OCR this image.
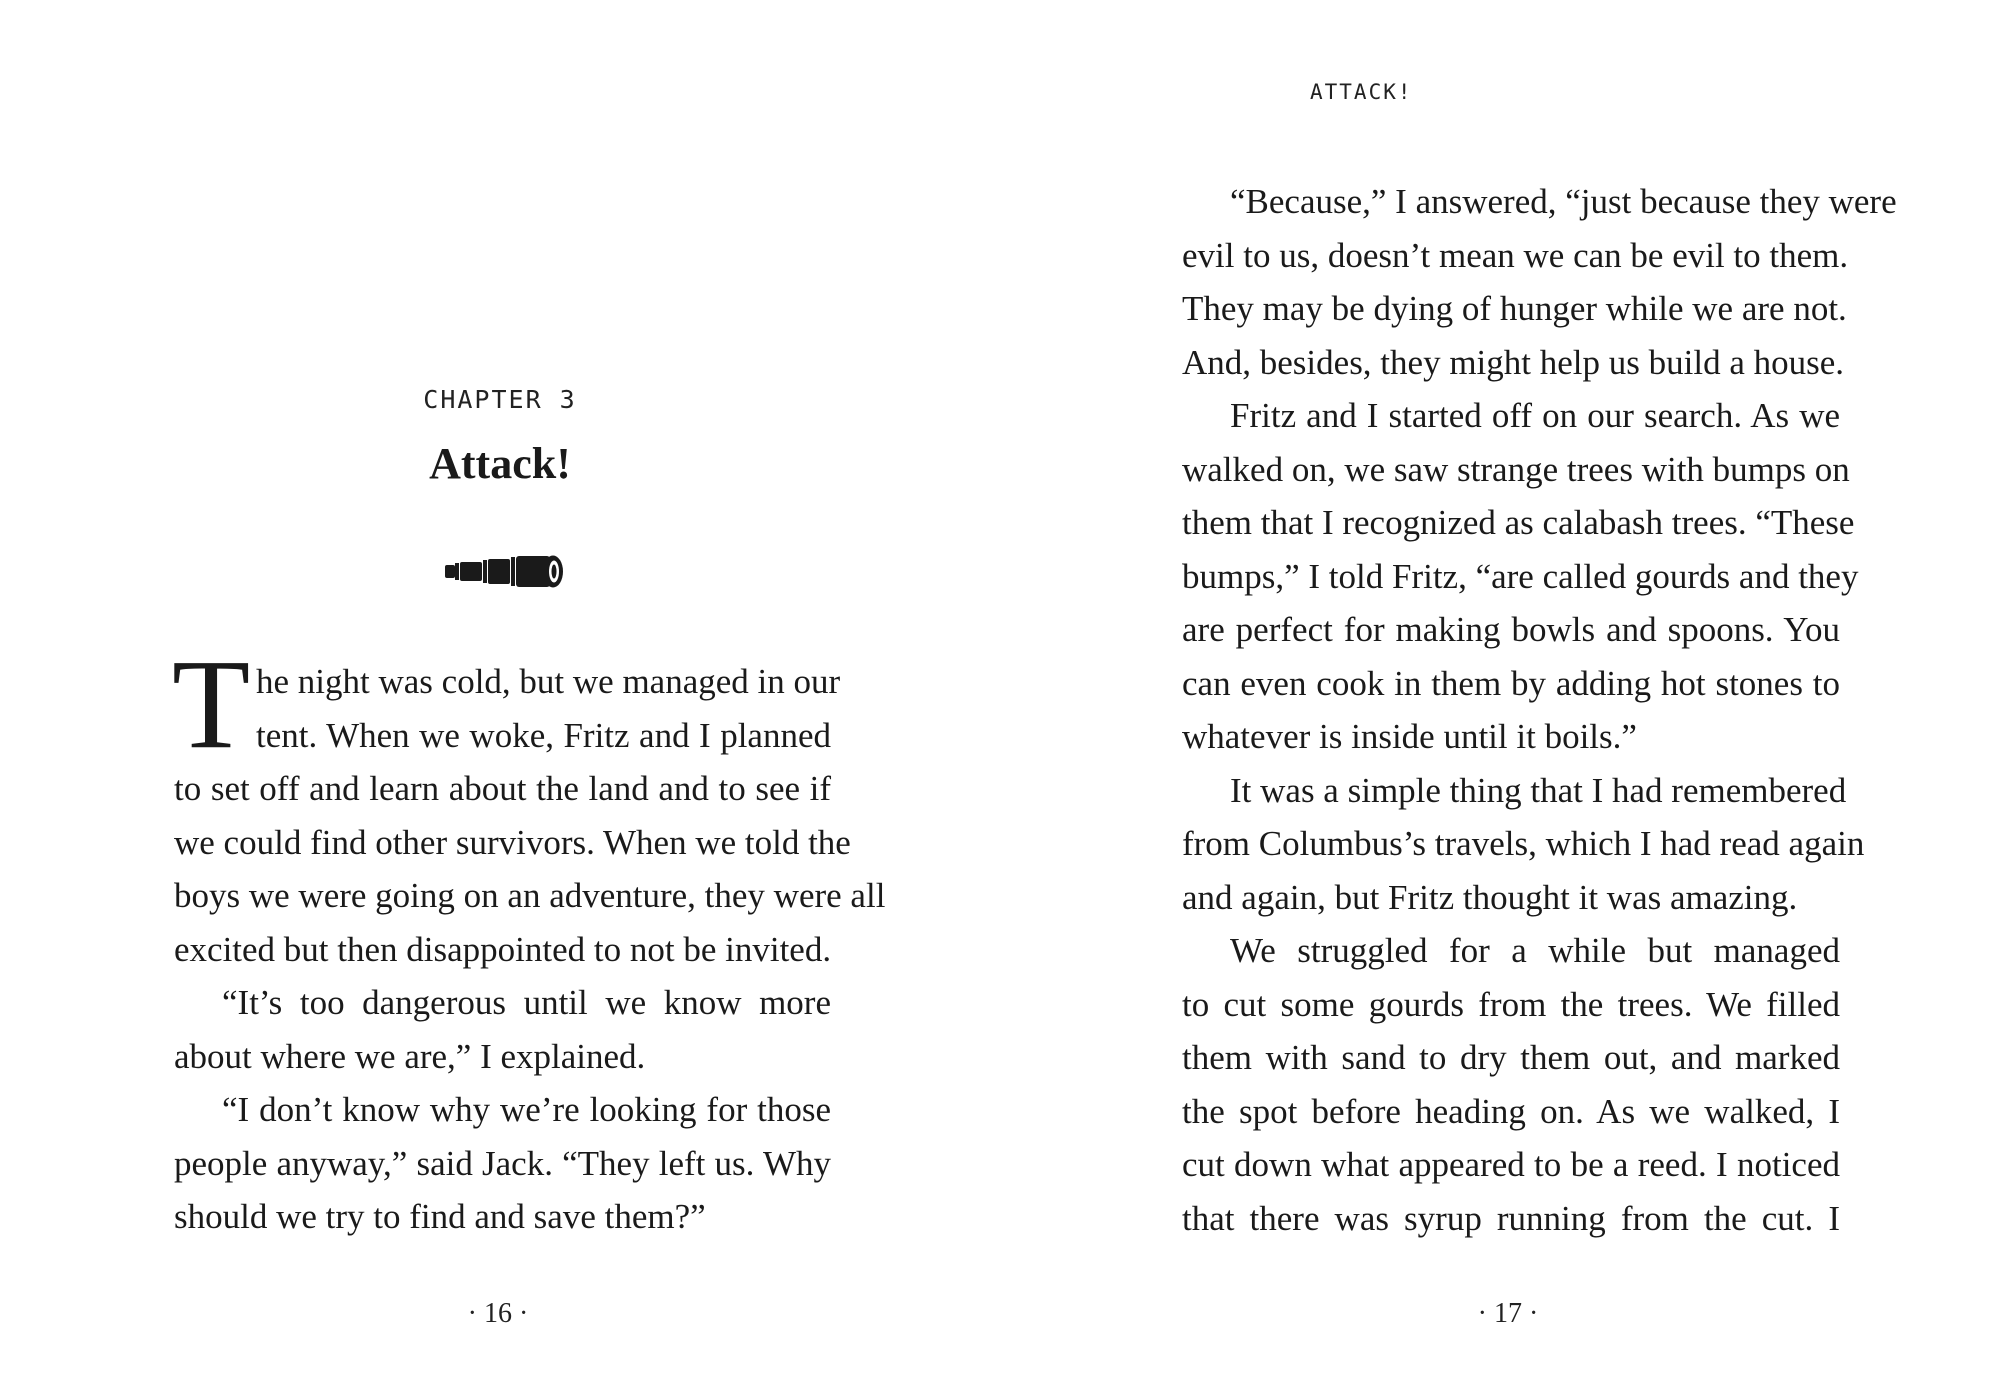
CHAPTER 3
Attack!
T he night was cold, but we managed in our
tent. When we woke, Fritz and I planned
to set off and learn about the land and to see if
we could find other survivors. When we told the
boys we were going on an adventure, they were all
excited but then disappointed to not be invited.
“It’s too dangerous until we know more
about where we are,” I explained.
“I don’t know why we’re looking for those
people anyway,” said Jack. “They left us. Why
should we try to find and save them?”
· 16 ·
ATTACK!
“Because,” I answered, “just because they were
evil to us, doesn’t mean we can be evil to them.
They may be dying of hunger while we are not.
And, besides, they might help us build a house.
Fritz and I started off on our search. As we
walked on, we saw strange trees with bumps on
them that I recognized as calabash trees. “These
bumps,” I told Fritz, “are called gourds and they
are perfect for making bowls and spoons. You
can even cook in them by adding hot stones to
whatever is inside until it boils.”
It was a simple thing that I had remembered
from Columbus’s travels, which I had read again
and again, but Fritz thought it was amazing.
We struggled for a while but managed
to cut some gourds from the trees. We filled
them with sand to dry them out, and marked
the spot before heading on. As we walked, I
cut down what appeared to be a reed. I noticed
that there was syrup running from the cut. I
· 17 ·
